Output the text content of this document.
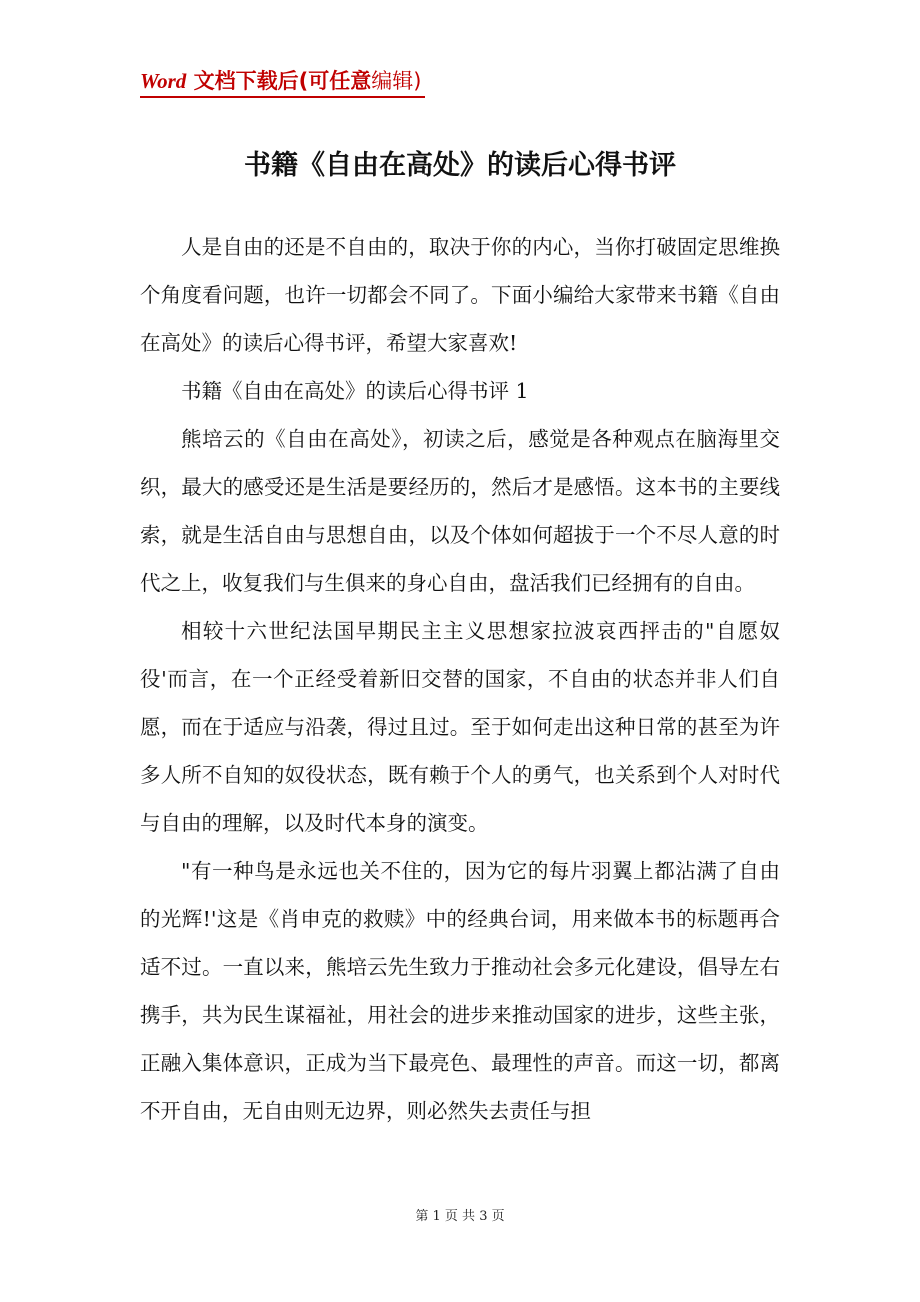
Word 文档下载后(可任意编辑)
书籍《自由在高处》的读后心得书评

人是自由的还是不自由的，取决于你的内心，当你打破固定思维换个角度看问题，也许一切都会不同了。下面小编给大家带来书籍《自由在高处》的读后心得书评，希望大家喜欢!

书籍《自由在高处》的读后心得书评 1

熊培云的《自由在高处》，初读之后，感觉是各种观点在脑海里交织，最大的感受还是生活是要经历的，然后才是感悟。这本书的主要线索，就是生活自由与思想自由，以及个体如何超拔于一个不尽人意的时代之上，收复我们与生俱来的身心自由，盘活我们已经拥有的自由。

相较十六世纪法国早期民主主义思想家拉波哀西抨击的"自愿奴役'而言，在一个正经受着新旧交替的国家，不自由的状态并非人们自愿，而在于适应与沿袭，得过且过。至于如何走出这种日常的甚至为许多人所不自知的奴役状态，既有赖于个人的勇气，也关系到个人对时代与自由的理解，以及时代本身的演变。

"有一种鸟是永远也关不住的，因为它的每片羽翼上都沾满了自由的光辉!'这是《肖申克的救赎》中的经典台词，用来做本书的标题再合适不过。一直以来，熊培云先生致力于推动社会多元化建设，倡导左右携手，共为民生谋福祉，用社会的进步来推动国家的进步，这些主张，正融入集体意识，正成为当下最亮色、最理性的声音。而这一切，都离不开自由，无自由则无边界，则必然失去责任与担

第 1 页 共 3 页
